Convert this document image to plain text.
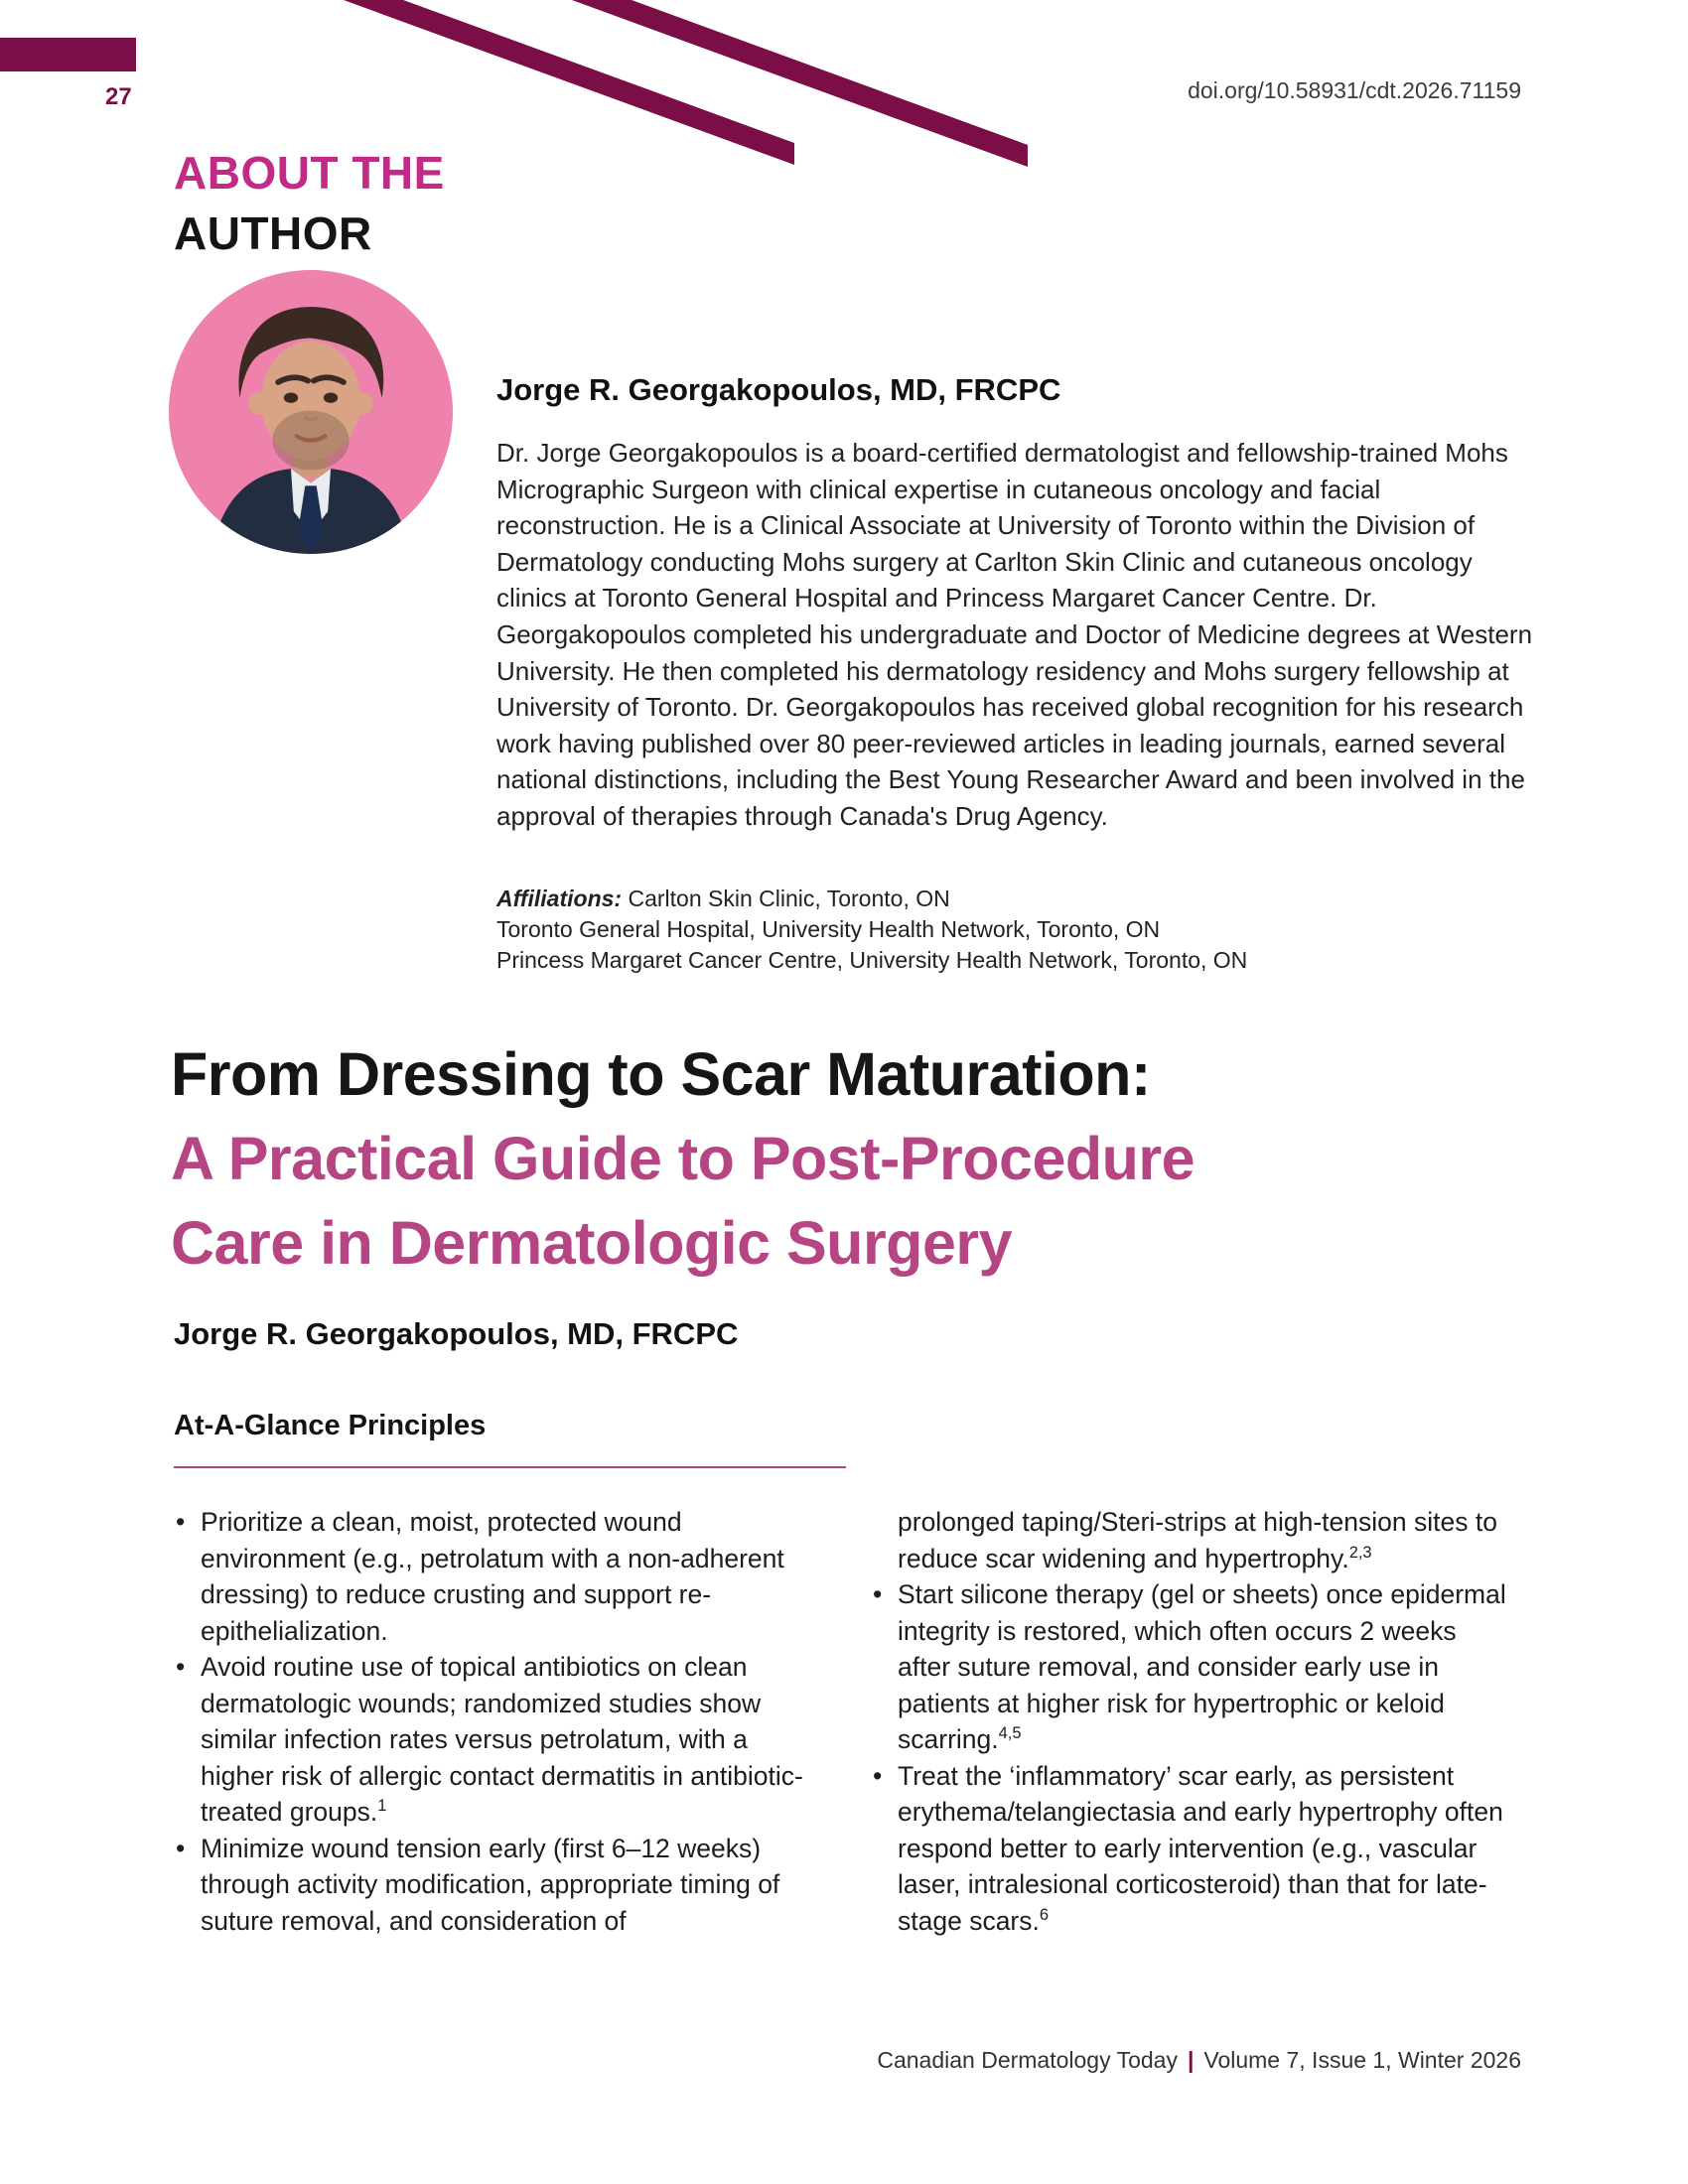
27	doi.org/10.58931/cdt.2026.71159
ABOUT THE
AUTHOR
Jorge R. Georgakopoulos, MD, FRCPC
Dr. Jorge Georgakopoulos is a board-certified dermatologist and fellowship-trained Mohs Micrographic Surgeon with clinical expertise in cutaneous oncology and facial reconstruction. He is a Clinical Associate at University of Toronto within the Division of Dermatology conducting Mohs surgery at Carlton Skin Clinic and cutaneous oncology clinics at Toronto General Hospital and Princess Margaret Cancer Centre. Dr. Georgakopoulos completed his undergraduate and Doctor of Medicine degrees at Western University. He then completed his dermatology residency and Mohs surgery fellowship at University of Toronto. Dr. Georgakopoulos has received global recognition for his research work having published over 80 peer-reviewed articles in leading journals, earned several national distinctions, including the Best Young Researcher Award and been involved in the approval of therapies through Canada's Drug Agency.
Affiliations: Carlton Skin Clinic, Toronto, ON
Toronto General Hospital, University Health Network, Toronto, ON
Princess Margaret Cancer Centre, University Health Network, Toronto, ON
From Dressing to Scar Maturation:
A Practical Guide to Post-Procedure
Care in Dermatologic Surgery
Jorge R. Georgakopoulos, MD, FRCPC
At-A-Glance Principles
• Prioritize a clean, moist, protected wound environment (e.g., petrolatum with a non-adherent dressing) to reduce crusting and support re-epithelialization.
• Avoid routine use of topical antibiotics on clean dermatologic wounds; randomized studies show similar infection rates versus petrolatum, with a higher risk of allergic contact dermatitis in antibiotic-treated groups.$^1$
• Minimize wound tension early (first 6–12 weeks) through activity modification, appropriate timing of suture removal, and consideration of
prolonged taping/Steri-strips at high-tension sites to reduce scar widening and hypertrophy.$^{2,3}$
• Start silicone therapy (gel or sheets) once epidermal integrity is restored, which often occurs 2 weeks after suture removal, and consider early use in patients at higher risk for hypertrophic or keloid scarring.$^{4,5}$
• Treat the ‘inflammatory’ scar early, as persistent erythema/telangiectasia and early hypertrophy often respond better to early intervention (e.g., vascular laser, intralesional corticosteroid) than that for late-stage scars.$^6$
Canadian Dermatology Today | Volume 7, Issue 1, Winter 2026
